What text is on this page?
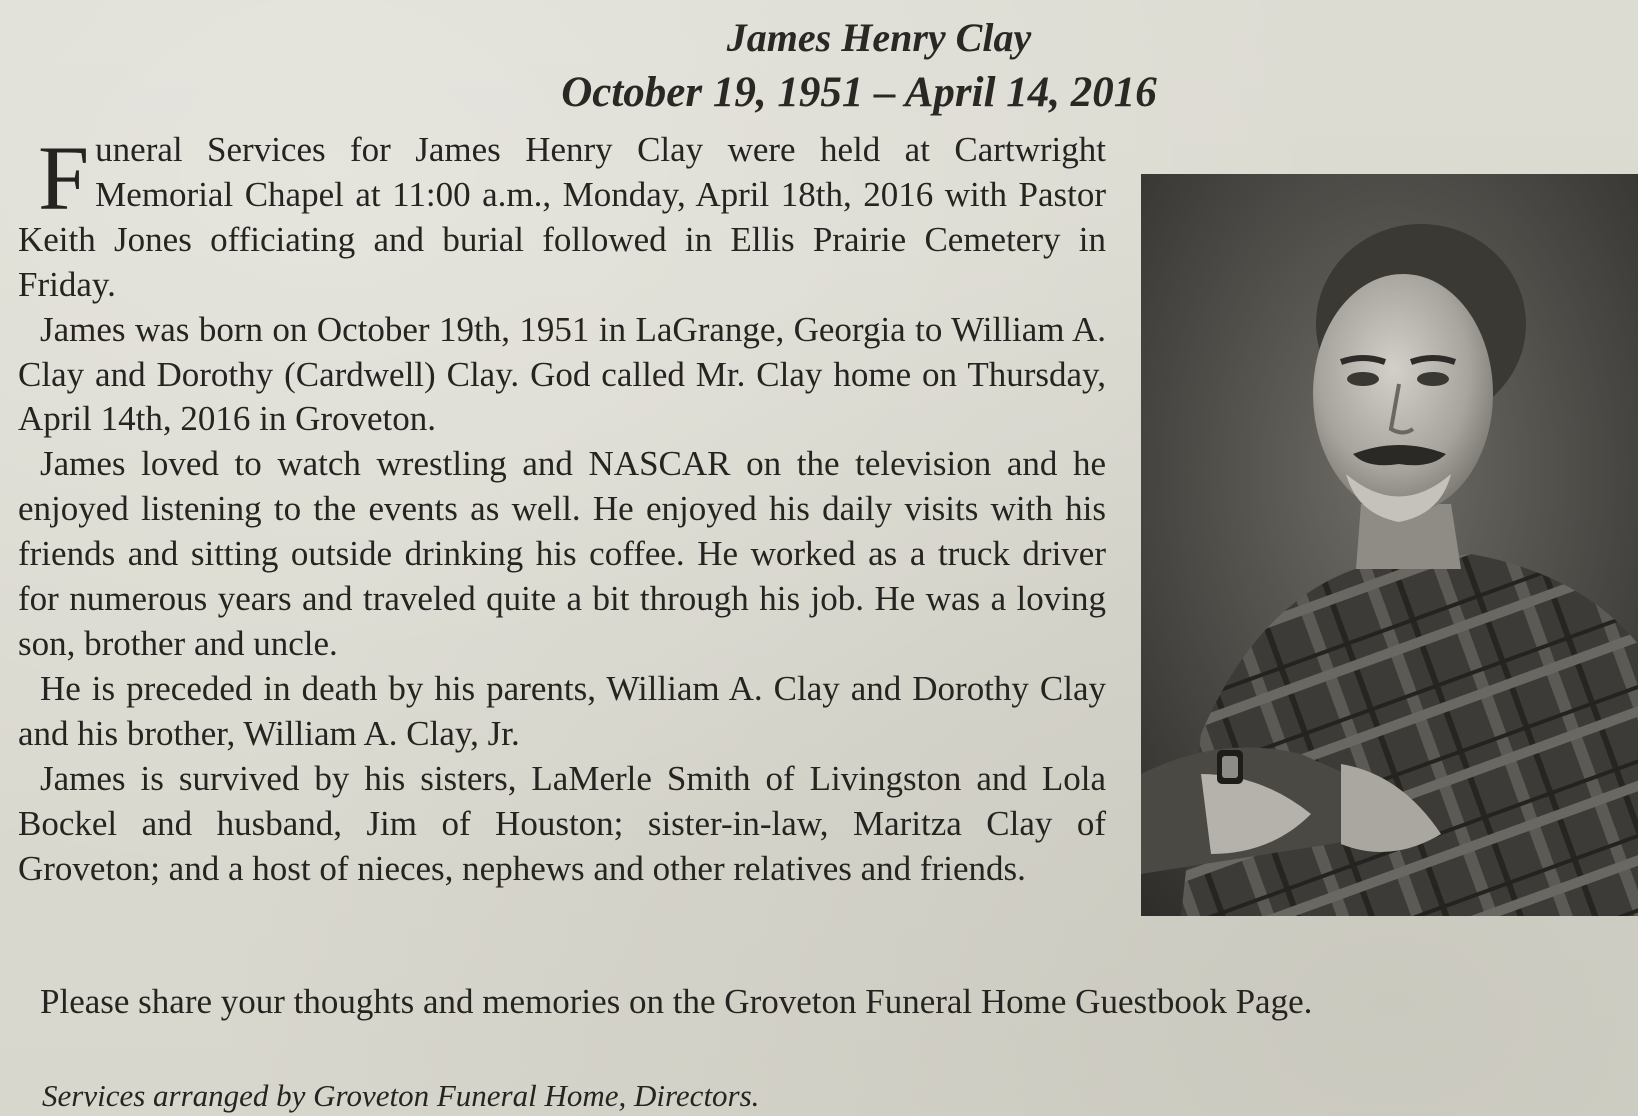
James Henry Clay
October 19, 1951 – April 14, 2016

Funeral Services for James Henry Clay were held at Cartwright Memorial Chapel at 11:00 a.m., Monday, April 18th, 2016 with Pastor Keith Jones officiating and burial followed in Ellis Prairie Cemetery in Friday.

James was born on October 19th, 1951 in LaGrange, Georgia to William A. Clay and Dorothy (Cardwell) Clay. God called Mr. Clay home on Thursday, April 14th, 2016 in Groveton.

James loved to watch wrestling and NASCAR on the television and he enjoyed listening to the events as well. He enjoyed his daily visits with his friends and sitting outside drinking his coffee. He worked as a truck driver for numerous years and traveled quite a bit through his job. He was a loving son, brother and uncle.

He is preceded in death by his parents, William A. Clay and Dorothy Clay and his brother, William A. Clay, Jr.

James is survived by his sisters, LaMerle Smith of Livingston and Lola Bockel and husband, Jim of Houston; sister-in-law, Maritza Clay of Groveton; and a host of nieces, nephews and other relatives and friends.

Please share your thoughts and memories on the Groveton Funeral Home Guestbook Page.
Services arranged by Groveton Funeral Home, Directors.
